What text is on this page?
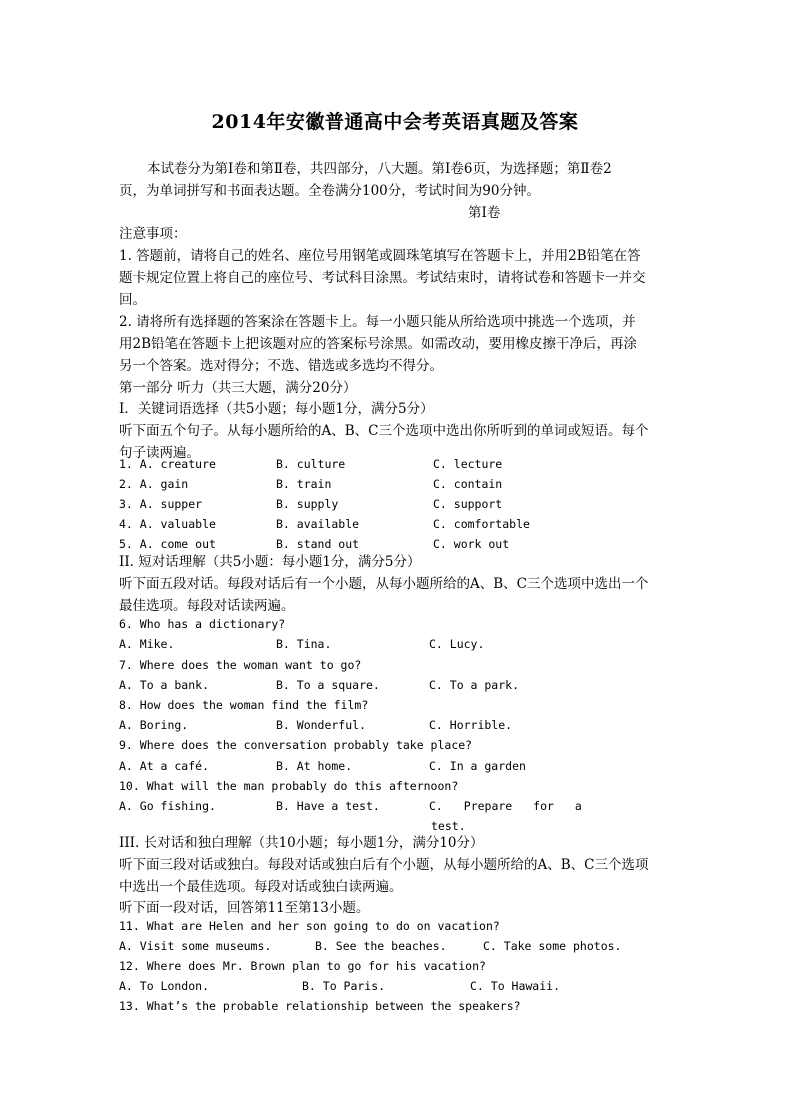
2014年安徽普通高中会考英语真题及答案
本试卷分为第Ⅰ卷和第Ⅱ卷，共四部分，八大题。第Ⅰ卷6页，为选择题；第Ⅱ卷2
页，为单词拼写和书面表达题。全卷满分100分，考试时间为90分钟。
第Ⅰ卷
注意事项：
1. 答题前，请将自己的姓名、座位号用钢笔或圆珠笔填写在答题卡上，并用2B铅笔在答
题卡规定位置上将自己的座位号、考试科目涂黑。考试结束时，请将试卷和答题卡一并交
回。
2. 请将所有选择题的答案涂在答题卡上。每一小题只能从所给选项中挑选一个选项，并
用2B铅笔在答题卡上把该题对应的答案标号涂黑。如需改动，要用橡皮擦干净后，再涂
另一个答案。选对得分；不选、错选或多选均不得分。
第一部分 听力（共三大题，满分20分）
I．关键词语选择（共5小题；每小题1分，满分5分）
听下面五个句子。从每小题所给的A、B、C三个选项中选出你所听到的单词或短语。每个
句子读两遍。
1. A. creature	B. culture	C. lecture
2. A. gain	B. train	C. contain
3. A. supper	B. supply	C. support
4. A. valuable	B. available	C. comfortable
5. A. come out	B. stand out	C. work out
II. 短对话理解（共5小题：每小题1分，满分5分）
听下面五段对话。每段对话后有一个小题，从每小题所给的A、B、C三个选项中选出一个
最佳选项。每段对话读两遍。
6. Who has a dictionary?
A. Mike.	B. Tina.	C. Lucy.
7. Where does the woman want to go?
A. To a bank.	B. To a square.	C. To a park.
8. How does the woman find the film?
A. Boring.	B. Wonderful.	C. Horrible.
9. Where does the conversation probably take place?
A. At a café.	B. At home.	C. In a garden
10. What will the man probably do this afternoon?
A. Go fishing.	B. Have a test.	C. Prepare for a
test.
III. 长对话和独白理解（共10小题；每小题1分，满分10分）
听下面三段对话或独白。每段对话或独白后有个小题，从每小题所给的A、B、C三个选项
中选出一个最佳选项。每段对话或独白读两遍。
听下面一段对话，回答第11至第13小题。
11. What are Helen and her son going to do on vacation?
A. Visit some museums.	B. See the beaches.	C. Take some photos.
12. Where does Mr. Brown plan to go for his vacation?
A. To London.	B. To Paris.	C. To Hawaii.
13. What’s the probable relationship between the speakers?
